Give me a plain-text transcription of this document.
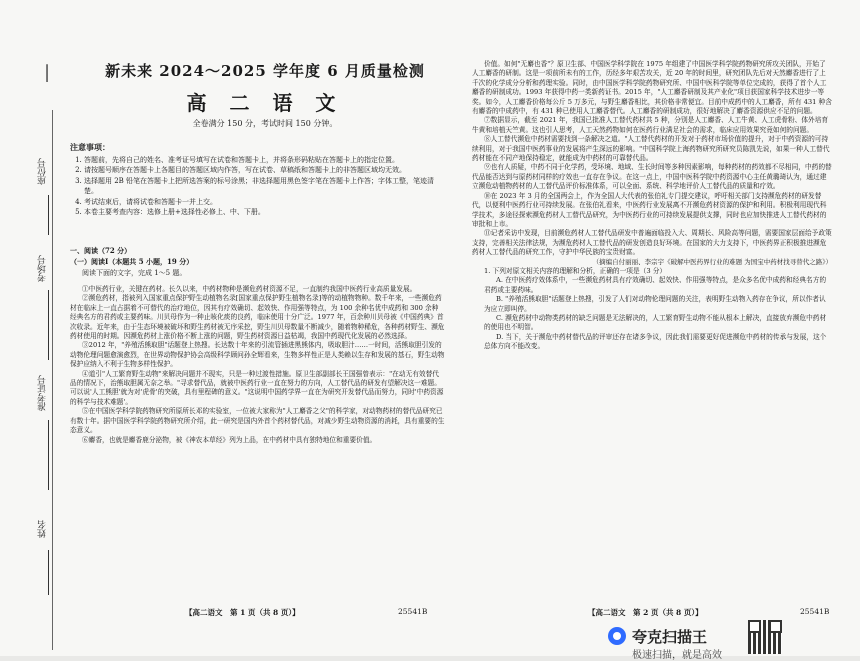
|
座位号
考场号
准考证号
姓名
新未来 2024～2025 学年度 6 月质量检测
高 二 语 文
全卷满分 150 分，考试时间 150 分钟。
注意事项：
1. 答题前，先将自己的姓名、准考证号填写在试卷和答题卡上，并将条形码粘贴在答题卡上的指定位置。
2. 请按题号顺序在答题卡上各题目的答题区域内作答，写在试卷、草稿纸和答题卡上的非答题区域均无效。
3. 选择题用 2B 铅笔在答题卡上把所选答案的标号涂黑；非选择题用黑色签字笔在答题卡上作答；字体工整，笔迹清楚。
4. 考试结束后，请将试卷和答题卡一并上交。
5. 本卷主要考查内容：选修上册+选择性必修上、中、下册。
一、阅读（72 分）
（一）阅读Ⅰ（本题共 5 小题，19 分）
阅读下面的文字，完成 1～5 题。

①中医药行业，关键在药材。长久以来，中药材物种是濒危药材资源不足，一直制约我国中医药行业高质量发展。

②濒危药材，指被列入国家重点保护野生动植物名录[国家重点保护野生植物名录]等的动植物物种。数千年来，一些濒危药材在临床上一直占据着不可替代的治疗地位，因其有疗效确切、起效快、作用强等特点，为 100 余种名优中成药和 300 余种经典名方的君药或主要药味。川贝母作为一种止咳化痰的良药，临床使用十分广泛。1977 年，百余种川贝母被《中国药典》首次收录。近年来，由于生态环境被破坏和野生药材被无序采挖，野生川贝母数量不断减少，随着物种稀危，各种药材野生、濒危药材使用的时期。因濒危药材上涨价格不断上涨的问题，野生药材资源日益枯竭，我国中药现代化发展的必然选择。

③2012 年，"养殖活熊取胆"话题登上热搜。长达数十年来的引流管插进黑熊体内，吸取胆汁……一时间，活熊取胆引发的动物伦理问题愈演愈烈，在世界动物保护协会高级科学顾问孙全辉看来，生物多样性正是人类赖以生存和发展的基石，野生动物保护应纳入不利于生物多样性保护。

④道引"人工繁育野生动物"来解决问题并不现实，只是一种过渡性措施。原卫生部副部长王国强曾表示："在动无有效替代品的情况下，治熊取胆属无奈之举。"寻求替代品，就被中医药行业一直在努力的方向，人工替代品的研发有望解决这一难题。可以说'人工熊胆'就为对'虎骨'的突破，具有里程碑的意义。"这说明中国药学界一直在为研究开发替代品而努力，同时'中药资源的科学与技术难题'。

⑤在中国医学科学院药物研究所原所长邓的实验室，一位被大家称为"人工麝香之父"的科学家，对动物药材的替代品研究已有数十年。据中国医学科学院药物研究所介绍，此一研究是国内外首个药材替代品，对减少野生动物资源的消耗，具有重要的生态意义。

⑥麝香，也就是麝香鹿分泌物，被《神农本草经》列为上品，在中药材中具有独特地位和重要价值。

【高二语文　第 1 页（共 8 页）】	25541B

价值。如何"无麝也香"？原卫生部、中国医学科学院在 1975 年组建了中国医学科学院药物研究所攻关团队，开始了人工麝香的研制。这是一项前所未有的工作，历经多年艰苦攻关，近 20 年的时间里，研究团队先后对天然麝香进行了上千次的化学成分分析和药理实验。同时，由中国医学科学院药物研究所、中国中医科学院等单位完成的，获得了首个人工麝香的研制成功。1993 年获得中药一类新药证书。2015 年，"人工麝香研制及其产业化"项目获国家科学技术进步一等奖。如今，人工麝香价格每公斤 5 万多元，与野生麝香相比，其价格非常便宜。目前中成药中的人工麝香，所有 431 种含有麝香的中成药中，有 431 种已使用人工麝香替代。人工麝香的研制成功，很好地解决了麝香资源供应不足的问题。

⑦数据显示，截至 2021 年，我国已批准人工替代药材共 5 种，分别是人工麝香、人工牛黄、人工虎骨粉、体外培育牛黄和培植天竺黄。这也引人思考，人工天然药物如何在医药行业满足社会的需求，临床应用效果究竟如何的问题。

⑧人工替代濒危中药材需要找到一条解决之道。"人工替代药材的开发对于药材市场价值的提升，对于中药资源的可持续利用，对于我国中医药事业的发展将产生深远的影响。"中国科学院上海药物研究所研究员陈凯先说，如果一种人工替代药材能在不同产地保持稳定，就能成为中药材的可靠替代品。

⑨也有人质疑，中药不同于化学药，受环境、地域、生长时间等多种因素影响，每种药材的药效都不尽相同，中药的替代品能否达到与原药材同样的疗效也一直存在争议。在这一点上，中国中医科学院中药资源中心主任黄璐琦认为，通过建立濒危动植物药材的人工替代品评价标准体系，可以全面、系统、科学地评价人工替代品的质量和疗效。

⑩在 2023 年 3 月的全国两会上，作为全国人大代表的张伯礼专门提交建议，呼吁相关部门支持濒危药材的研发替代，以便利中医药行业可持续发展。在张伯礼看来，中医药行业发展离不开濒危药材资源的保护和利用。积极利用现代科学技术，多途径探索濒危药材人工替代品研究，为中医药行业的可持续发展提供支撑，同时也应加快推进人工替代药材的审批和上市。

⑪记者采访中发现，目前濒危药材人工替代品研发中普遍面临投入大、周期长、风险高等问题，需要国家层面给予政策支持，完善相关法律法规，为濒危药材人工替代品的研发创造良好环境。在国家的大力支持下，中医药界正积极推进濒危药材人工替代品的研究工作，守护中华民族的宝贵财富。

（摘编自付丽丽、李宗宇《破解中医药界行业的难题 为国宝中药材找寻替代之路》）

1. 下列对原文相关内容的理解和分析，正确的一项是（3 分）

A. 在中医药疗效体系中，一些濒危药材具有疗效确切、起效快、作用强等特点，是众多名优中成药和经典名方的君药或主要药味。

B. "养殖活熊取胆"话题登上热搜，引发了人们对动物伦理问题的关注，表明野生动物入药存在争议，所以作者认为应立即叫停。

C. 濒危药材中动物类药材的缺乏问题是无法解决的，人工繁育野生动物不能从根本上解决，直接放弃濒危中药材的使用也不明智。

D. 当下，关于濒危中药材替代品的评审还存在诸多争议，因此我们需要更好促进濒危中药材的传承与发展，这个总体方向不能改变。

【高二语文　第 2 页（共 8 页）】	25541B
夸克扫描王
极速扫描，就是高效
